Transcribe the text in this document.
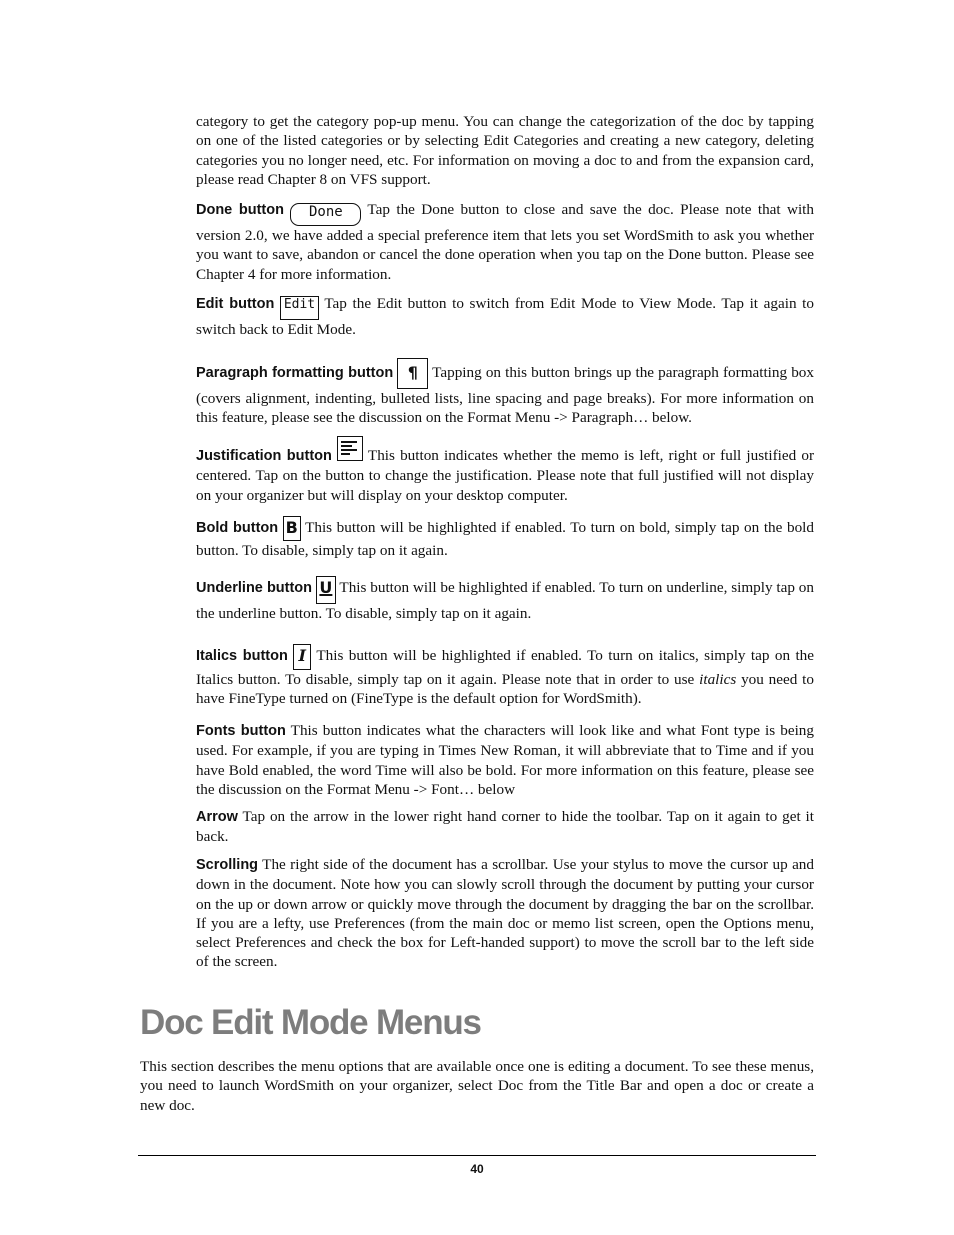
category to get the category pop-up menu. You can change the categorization of the doc by tapping on one of the listed categories or by selecting Edit Categories and creating a new category, deleting categories you no longer need, etc. For information on moving a doc to and from the expansion card, please read Chapter 8 on VFS support.

Done button Done Tap the Done button to close and save the doc. Please note that with version 2.0, we have added a special preference item that lets you set WordSmith to ask you whether you want to save, abandon or cancel the done operation when you tap on the Done button. Please see Chapter 4 for more information.

Edit button Edit Tap the Edit button to switch from Edit Mode to View Mode. Tap it again to switch back to Edit Mode.

Paragraph formatting button ¶ Tapping on this button brings up the paragraph formatting box (covers alignment, indenting, bulleted lists, line spacing and page breaks). For more information on this feature, please see the discussion on the Format Menu -> Paragraph… below.

Justification button
This button indicates whether the memo is left, right or full justified or centered. Tap on the button to change the justification. Please note that full justified will not display on your organizer but will display on your desktop computer.

Bold button B This button will be highlighted if enabled. To turn on bold, simply tap on the bold button. To disable, simply tap on it again.

Underline button U This button will be highlighted if enabled. To turn on underline, simply tap on the underline button. To disable, simply tap on it again.

Italics button I This button will be highlighted if enabled. To turn on italics, simply tap on the Italics button. To disable, simply tap on it again. Please note that in order to use italics you need to have FineType turned on (FineType is the default option for WordSmith).

Fonts button This button indicates what the characters will look like and what Font type is being used. For example, if you are typing in Times New Roman, it will abbreviate that to Time and if you have Bold enabled, the word Time will also be bold. For more information on this feature, please see the discussion on the Format Menu -> Font… below

Arrow Tap on the arrow in the lower right hand corner to hide the toolbar. Tap on it again to get it back.

Scrolling The right side of the document has a scrollbar. Use your stylus to move the cursor up and down in the document. Note how you can slowly scroll through the document by putting your cursor on the up or down arrow or quickly move through the document by dragging the bar on the scrollbar. If you are a lefty, use Preferences (from the main doc or memo list screen, open the Options menu, select Preferences and check the box for Left-handed support) to move the scroll bar to the left side of the screen.

Doc Edit Mode Menus

This section describes the menu options that are available once one is editing a document. To see these menus, you need to launch WordSmith on your organizer, select Doc from the Title Bar and open a doc or create a new doc.

40
